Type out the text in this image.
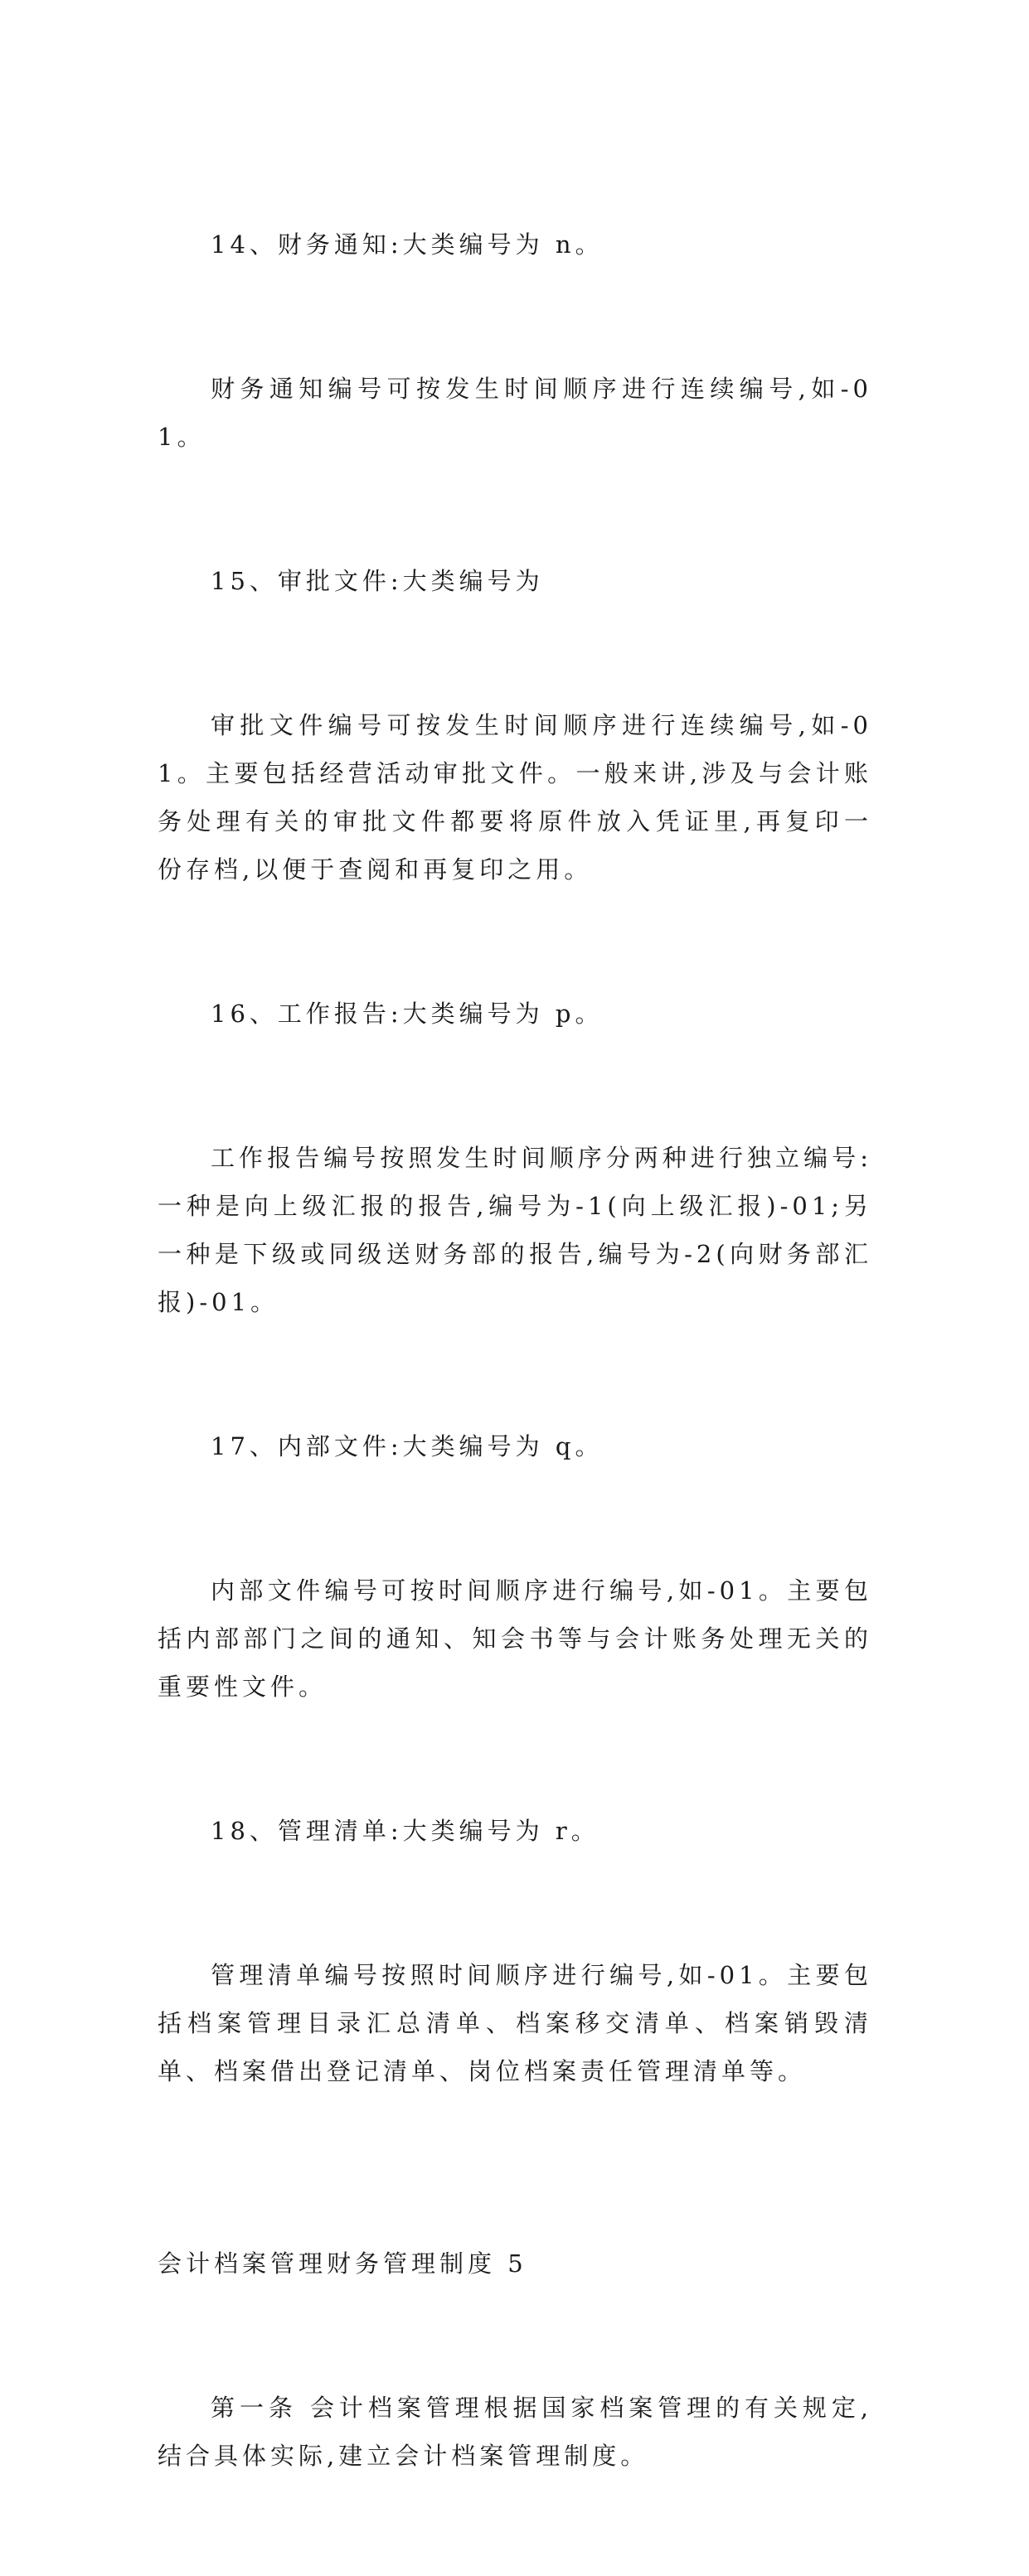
14、财务通知:大类编号为 n。

财务通知编号可按发生时间顺序进行连续编号,如-01。

15、审批文件:大类编号为

审批文件编号可按发生时间顺序进行连续编号,如-01。主要包括经营活动审批文件。一般来讲,涉及与会计账务处理有关的审批文件都要将原件放入凭证里,再复印一份存档,以便于查阅和再复印之用。

16、工作报告:大类编号为 p。

工作报告编号按照发生时间顺序分两种进行独立编号:一种是向上级汇报的报告,编号为-1(向上级汇报)-01;另一种是下级或同级送财务部的报告,编号为-2(向财务部汇报)-01。

17、内部文件:大类编号为 q。

内部文件编号可按时间顺序进行编号,如-01。主要包括内部部门之间的通知、知会书等与会计账务处理无关的重要性文件。

18、管理清单:大类编号为 r。

管理清单编号按照时间顺序进行编号,如-01。主要包括档案管理目录汇总清单、档案移交清单、档案销毁清单、档案借出登记清单、岗位档案责任管理清单等。

会计档案管理财务管理制度 5

第一条 会计档案管理根据国家档案管理的有关规定,结合具体实际,建立会计档案管理制度。
